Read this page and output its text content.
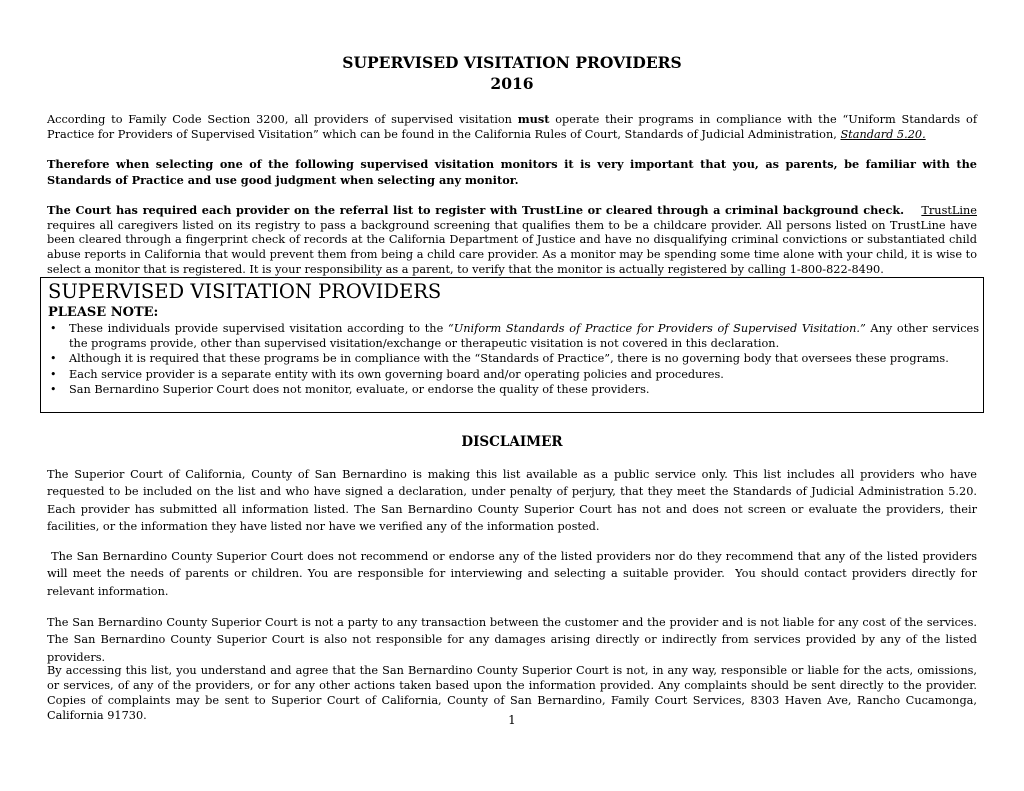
SUPERVISED VISITATION PROVIDERS
2016

According to Family Code Section 3200, all providers of supervised visitation must operate their programs in compliance with the “Uniform Standards of Practice for Providers of Supervised Visitation” which can be found in the California Rules of Court, Standards of Judicial Administration, Standard 5.20.

Therefore when selecting one of the following supervised visitation monitors it is very important that you, as parents, be familiar with the Standards of Practice and use good judgment when selecting any monitor.

The Court has required each provider on the referral list to register with TrustLine or cleared through a criminal background check. TrustLine requires all caregivers listed on its registry to pass a background screening that qualifies them to be a childcare provider. All persons listed on TrustLine have been cleared through a fingerprint check of records at the California Department of Justice and have no disqualifying criminal convictions or substantiated child abuse reports in California that would prevent them from being a child care provider. As a monitor may be spending some time alone with your child, it is wise to select a monitor that is registered. It is your responsibility as a parent, to verify that the monitor is actually registered by calling 1-800-822-8490.

SUPERVISED VISITATION PROVIDERS
PLEASE NOTE:
• These individuals provide supervised visitation according to the “Uniform Standards of Practice for Providers of Supervised Visitation.” Any other services the programs provide, other than supervised visitation/exchange or therapeutic visitation is not covered in this declaration.
• Although it is required that these programs be in compliance with the “Standards of Practice”, there is no governing body that oversees these programs.
• Each service provider is a separate entity with its own governing board and/or operating policies and procedures.
• San Bernardino Superior Court does not monitor, evaluate, or endorse the quality of these providers.
DISCLAIMER

The Superior Court of California, County of San Bernardino is making this list available as a public service only. This list includes all providers who have requested to be included on the list and who have signed a declaration, under penalty of perjury, that they meet the Standards of Judicial Administration 5.20. Each provider has submitted all information listed. The San Bernardino County Superior Court has not and does not screen or evaluate the providers, their facilities, or the information they have listed nor have we verified any of the information posted.

The San Bernardino County Superior Court does not recommend or endorse any of the listed providers nor do they recommend that any of the listed providers will meet the needs of parents or children. You are responsible for interviewing and selecting a suitable provider.  You should contact providers directly for relevant information.

The San Bernardino County Superior Court is not a party to any transaction between the customer and the provider and is not liable for any cost of the services. The San Bernardino County Superior Court is also not responsible for any damages arising directly or indirectly from services provided by any of the listed providers.

By accessing this list, you understand and agree that the San Bernardino County Superior Court is not, in any way, responsible or liable for the acts, omissions, or services, of any of the providers, or for any other actions taken based upon the information provided. Any complaints should be sent directly to the provider. Copies of complaints may be sent to Superior Court of California, County of San Bernardino, Family Court Services, 8303 Haven Ave, Rancho Cucamonga, California 91730.	1
